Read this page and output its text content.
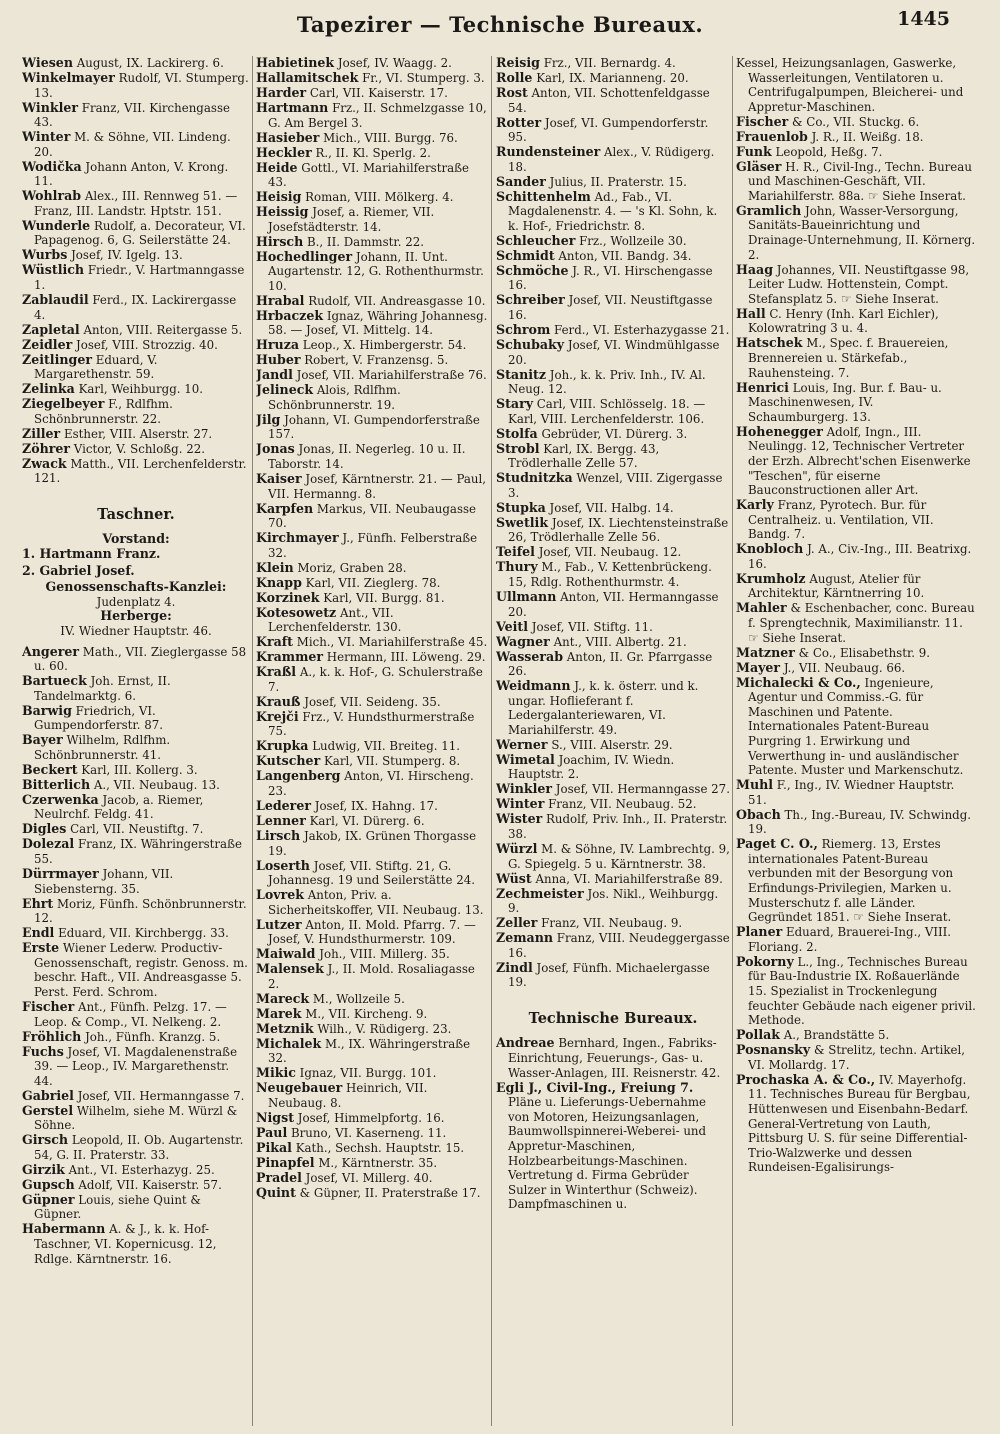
Tapezirer — Technische Bureaux.	1445
Wiesen August, IX. Lackirerg. 6.
Winkelmayer Rudolf, VI. Stumperg. 13.
Winkler Franz, VII. Kirchengasse 43.
Winter M. & Söhne, VII. Lindeng. 20.
Wodička Johann Anton, V. Krong. 11.
Wohlrab Alex., III. Rennweg 51. — Franz, III. Landstr. Hptstr. 151.
Wunderle Rudolf, a. Decorateur, VI. Papagenog. 6, G. Seilerstätte 24.
Wurbs Josef, IV. Igelg. 13.
Wüstlich Friedr., V. Hartmanngasse 1.
Zablaudil Ferd., IX. Lackirergasse 4.
Zapletal Anton, VIII. Reitergasse 5.
Zeidler Josef, VIII. Strozzig. 40.
Zeitlinger Eduard, V. Margarethenstr. 59.
Zelinka Karl, Weihburgg. 10.
Ziegelbeyer F., Rdlfhm. Schönbrunnerstr. 22.
Ziller Esther, VIII. Alserstr. 27.
Zöhrer Victor, V. Schloßg. 22.
Zwack Matth., VII. Lerchenfelderstr. 121.
Taschner.
Vorstand:
1. Hartmann Franz.
2. Gabriel Josef.
Genossenschafts-Kanzlei:
Judenplatz 4.
Herberge:
IV. Wiedner Hauptstr. 46.
Angerer Math., VII. Zieglergasse 58 u. 60.
Bartueck Joh. Ernst, II. Tandelmarktg. 6.
Barwig Friedrich, VI. Gumpendorferstr. 87.
Bayer Wilhelm, Rdlfhm. Schönbrunnerstr. 41.
Beckert Karl, III. Kollerg. 3.
Bitterlich A., VII. Neubaug. 13.
Czerwenka Jacob, a. Riemer, Neulrchf. Feldg. 41.
Digles Carl, VII. Neustiftg. 7.
Dolezal Franz, IX. Währingerstraße 55.
Dürrmayer Johann, VII. Siebensterng. 35.
Ehrt Moriz, Fünfh. Schönbrunnerstr. 12.
Endl Eduard, VII. Kirchbergg. 33.
Erste Wiener Lederw. Productiv-Genossenschaft, registr. Genoss. m. beschr. Haft., VII. Andreasgasse 5. Perst. Ferd. Schrom.
Fischer Ant., Fünfh. Pelzg. 17. — Leop. & Comp., VI. Nelkeng. 2.
Fröhlich Joh., Fünfh. Kranzg. 5.
Fuchs Josef, VI. Magdalenenstraße 39. — Leop., IV. Margarethenstr. 44.
Gabriel Josef, VII. Hermanngasse 7.
Gerstel Wilhelm, siehe M. Würzl & Söhne.
Girsch Leopold, II. Ob. Augartenstr. 54, G. II. Praterstr. 33.
Girzik Ant., VI. Esterhazyg. 25.
Gupsch Adolf, VII. Kaiserstr. 57.
Güpner Louis, siehe Quint & Güpner.
Habermann A. & J., k. k. Hof-Taschner, VI. Kopernicusg. 12, Rdlge. Kärntnerstr. 16.
Habietinek Josef, IV. Waagg. 2.
Hallamitschek Fr., VI. Stumperg. 3.
Harder Carl, VII. Kaiserstr. 17.
Hartmann Frz., II. Schmelzgasse 10, G. Am Bergel 3.
Hasieber Mich., VIII. Burgg. 76.
Heckler R., II. Kl. Sperlg. 2.
Heide Gottl., VI. Mariahilferstraße 43.
Heisig Roman, VIII. Mölkerg. 4.
Heissig Josef, a. Riemer, VII. Josefstädterstr. 14.
Hirsch B., II. Dammstr. 22.
Hochedlinger Johann, II. Unt. Augartenstr. 12, G. Rothenthurmstr. 10.
Hrabal Rudolf, VII. Andreasgasse 10.
Hrbaczek Ignaz, Währing Johannesg. 58. — Josef, VI. Mittelg. 14.
Hruza Leop., X. Himbergerstr. 54.
Huber Robert, V. Franzensg. 5.
Jandl Josef, VII. Mariahilferstraße 76.
Jelineck Alois, Rdlfhm. Schönbrunnerstr. 19.
Jilg Johann, VI. Gumpendorferstraße 157.
Jonas Jonas, II. Negerleg. 10 u. II. Taborstr. 14.
Kaiser Josef, Kärntnerstr. 21. — Paul, VII. Hermanng. 8.
Karpfen Markus, VII. Neubaugasse 70.
Kirchmayer J., Fünfh. Felberstraße 32.
Klein Moriz, Graben 28.
Knapp Karl, VII. Zieglerg. 78.
Korzinek Karl, VII. Burgg. 81.
Kotesowetz Ant., VII. Lerchenfelderstr. 130.
Kraft Mich., VI. Mariahilferstraße 45.
Krammer Hermann, III. Löweng. 29.
Kraßl A., k. k. Hof-, G. Schulerstraße 7.
Krauß Josef, VII. Seideng. 35.
Krejči Frz., V. Hundsthurmerstraße 75.
Krupka Ludwig, VII. Breiteg. 11.
Kutscher Karl, VII. Stumperg. 8.
Langenberg Anton, VI. Hirscheng. 23.
Lederer Josef, IX. Hahng. 17.
Lenner Karl, VI. Dürerg. 6.
Lirsch Jakob, IX. Grünen Thorgasse 19.
Loserth Josef, VII. Stiftg. 21, G. Johannesg. 19 und Seilerstätte 24.
Lovrek Anton, Priv. a. Sicherheitskoffer, VII. Neubaug. 13.
Lutzer Anton, II. Mold. Pfarrg. 7. — Josef, V. Hundsthurmerstr. 109.
Maiwald Joh., VIII. Millerg. 35.
Malensek J., II. Mold. Rosaliagasse 2.
Mareck M., Wollzeile 5.
Marek M., VII. Kircheng. 9.
Metznik Wilh., V. Rüdigerg. 23.
Michalek M., IX. Währingerstraße 32.
Mikic Ignaz, VII. Burgg. 101.
Neugebauer Heinrich, VII. Neubaug. 8.
Nigst Josef, Himmelpfortg. 16.
Paul Bruno, VI. Kaserneng. 11.
Pikal Kath., Sechsh. Hauptstr. 15.
Pinapfel M., Kärntnerstr. 35.
Pradel Josef, VI. Millerg. 40.
Quint & Güpner, II. Praterstraße 17.
Reisig Frz., VII. Bernardg. 4.
Rolle Karl, IX. Marianneng. 20.
Rost Anton, VII. Schottenfeldgasse 54.
Rotter Josef, VI. Gumpendorferstr. 95.
Rundensteiner Alex., V. Rüdigerg. 18.
Sander Julius, II. Praterstr. 15.
Schittenhelm Ad., Fab., VI. Magdalenenstr. 4. — 's Kl. Sohn, k. k. Hof-, Friedrichstr. 8.
Schleucher Frz., Wollzeile 30.
Schmidt Anton, VII. Bandg. 34.
Schmöche J. R., VI. Hirschengasse 16.
Schreiber Josef, VII. Neustiftgasse 16.
Schrom Ferd., VI. Esterhazygasse 21.
Schubaky Josef, VI. Windmühlgasse 20.
Stanitz Joh., k. k. Priv. Inh., IV. Al. Neug. 12.
Stary Carl, VIII. Schlösselg. 18. — Karl, VIII. Lerchenfelderstr. 106.
Stolfa Gebrüder, VI. Dürerg. 3.
Strobl Karl, IX. Bergg. 43, Trödlerhalle Zelle 57.
Studnitzka Wenzel, VIII. Zigergasse 3.
Stupka Josef, VII. Halbg. 14.
Swetlik Josef, IX. Liechtensteinstraße 26, Trödlerhalle Zelle 56.
Teifel Josef, VII. Neubaug. 12.
Thury M., Fab., V. Kettenbrückeng. 15, Rdlg. Rothenthurmstr. 4.
Ullmann Anton, VII. Hermanngasse 20.
Veitl Josef, VII. Stiftg. 11.
Wagner Ant., VIII. Albertg. 21.
Wasserab Anton, II. Gr. Pfarrgasse 26.
Weidmann J., k. k. österr. und k. ungar. Hoflieferant f. Ledergalanteriewaren, VI. Mariahilferstr. 49.
Werner S., VIII. Alserstr. 29.
Wimetal Joachim, IV. Wiedn. Hauptstr. 2.
Winkler Josef, VII. Hermanngasse 27.
Winter Franz, VII. Neubaug. 52.
Wister Rudolf, Priv. Inh., II. Praterstr. 38.
Würzl M. & Söhne, IV. Lambrechtg. 9, G. Spiegelg. 5 u. Kärntnerstr. 38.
Wüst Anna, VI. Mariahilferstraße 89.
Zechmeister Jos. Nikl., Weihburgg. 9.
Zeller Franz, VII. Neubaug. 9.
Zemann Franz, VIII. Neudeggergasse 16.
Zindl Josef, Fünfh. Michaelergasse 19.
Technische Bureaux.
Andreae Bernhard, Ingen., Fabriks-Einrichtung, Feuerungs-, Gas- u. Wasser-Anlagen, III. Reisnerstr. 42.
Egli J., Civil-Ing., Freiung 7. Pläne u. Lieferungs-Uebernahme von Motoren, Heizungsanlagen, Baumwollspinnerei-Weberei- und Appretur-Maschinen, Holzbearbeitungs-Maschinen. Vertretung d. Firma Gebrüder Sulzer in Winterthur (Schweiz). Dampfmaschinen u.
Kessel, Heizungsanlagen, Gaswerke, Wasserleitungen, Ventilatoren u. Centrifugalpumpen, Bleicherei- und Appretur-Maschinen.
Fischer & Co., VII. Stuckg. 6.
Frauenlob J. R., II. Weißg. 18.
Funk Leopold, Heßg. 7.
Gläser H. R., Civil-Ing., Techn. Bureau und Maschinen-Geschäft, VII. Mariahilferstr. 88a. ☞ Siehe Inserat.
Gramlich John, Wasser-Versorgung, Sanitäts-Baueinrichtung und Drainage-Unternehmung, II. Körnerg. 2.
Haag Johannes, VII. Neustiftgasse 98, Leiter Ludw. Hottenstein, Compt. Stefansplatz 5. ☞ Siehe Inserat.
Hall C. Henry (Inh. Karl Eichler), Kolowratring 3 u. 4.
Hatschek M., Spec. f. Brauereien, Brennereien u. Stärkefab., Rauhensteing. 7.
Henrici Louis, Ing. Bur. f. Bau- u. Maschinenwesen, IV. Schaumburgerg. 13.
Hohenegger Adolf, Ingn., III. Neulingg. 12, Technischer Vertreter der Erzh. Albrecht'schen Eisenwerke "Teschen", für eiserne Bauconstructionen aller Art.
Karly Franz, Pyrotech. Bur. für Centralheiz. u. Ventilation, VII. Bandg. 7.
Knobloch J. A., Civ.-Ing., III. Beatrixg. 16.
Krumholz August, Atelier für Architektur, Kärntnerring 10.
Mahler & Eschenbacher, conc. Bureau f. Sprengtechnik, Maximilianstr. 11. ☞ Siehe Inserat.
Matzner & Co., Elisabethstr. 9.
Mayer J., VII. Neubaug. 66.
Michalecki & Co., Ingenieure, Agentur und Commiss.-G. für Maschinen und Patente. Internationales Patent-Bureau Purgring 1. Erwirkung und Verwerthung in- und ausländischer Patente. Muster und Markenschutz.
Muhl F., Ing., IV. Wiedner Hauptstr. 51.
Obach Th., Ing.-Bureau, IV. Schwindg. 19.
Paget C. O., Riemerg. 13, Erstes internationales Patent-Bureau verbunden mit der Besorgung von Erfindungs-Privilegien, Marken u. Musterschutz f. alle Länder. Gegründet 1851. ☞ Siehe Inserat.
Planer Eduard, Brauerei-Ing., VIII. Floriang. 2.
Pokorny L., Ing., Technisches Bureau für Bau-Industrie IX. Roßauerlände 15. Spezialist in Trockenlegung feuchter Gebäude nach eigener privil. Methode.
Pollak A., Brandstätte 5.
Posnansky & Strelitz, techn. Artikel, VI. Mollardg. 17.
Prochaska A. & Co., IV. Mayerhofg. 11. Technisches Bureau für Bergbau, Hüttenwesen und Eisenbahn-Bedarf. General-Vertretung von Lauth, Pittsburg U. S. für seine Differential-Trio-Walzwerke und dessen Rundeisen-Egalisirungs-
